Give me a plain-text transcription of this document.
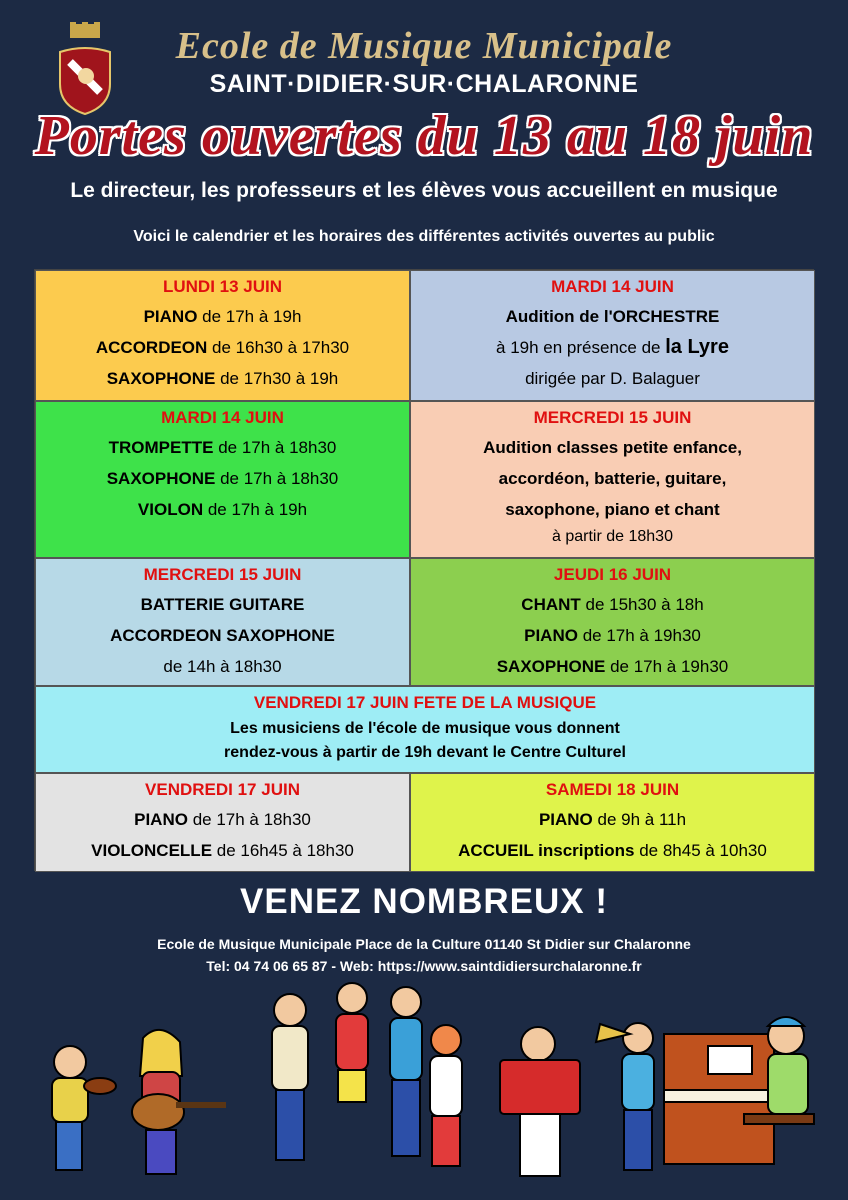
Ecole de Musique Municipale
SAINT·DIDIER·SUR·CHALARONNE
Portes ouvertes du 13 au 18 juin
Le directeur, les professeurs et les élèves vous accueillent en musique
Voici le calendrier et les horaires des différentes activités ouvertes au public
LUNDI 13 JUIN
PIANO de 17h à 19h
ACCORDEON de 16h30 à 17h30
SAXOPHONE de 17h30 à 19h
MARDI 14 JUIN
Audition de l'ORCHESTRE
à 19h en présence de la Lyre
dirigée par D. Balaguer
MARDI 14 JUIN
TROMPETTE de 17h à 18h30
SAXOPHONE de 17h à 18h30
VIOLON de 17h à 19h
MERCREDI 15 JUIN
Audition classes petite enfance,
accordéon, batterie, guitare,
saxophone, piano et chant
à partir de 18h30
MERCREDI 15 JUIN
BATTERIE GUITARE
ACCORDEON SAXOPHONE
de 14h à 18h30
JEUDI 16 JUIN
CHANT de 15h30 à 18h
PIANO de 17h à 19h30
SAXOPHONE de 17h à 19h30
VENDREDI 17 JUIN FETE DE LA MUSIQUE
Les musiciens de l'école de musique vous donnent
rendez-vous à partir de 19h devant le Centre Culturel
VENDREDI 17 JUIN
PIANO de 17h à 18h30
VIOLONCELLE de 16h45 à 18h30
SAMEDI 18 JUIN
PIANO de 9h à 11h
ACCUEIL inscriptions de 8h45 à 10h30
VENEZ NOMBREUX !
Ecole de Musique Municipale Place de la Culture 01140 St Didier sur Chalaronne
Tel: 04 74 06 65 87 - Web: https://www.saintdidiersurchalaronne.fr
